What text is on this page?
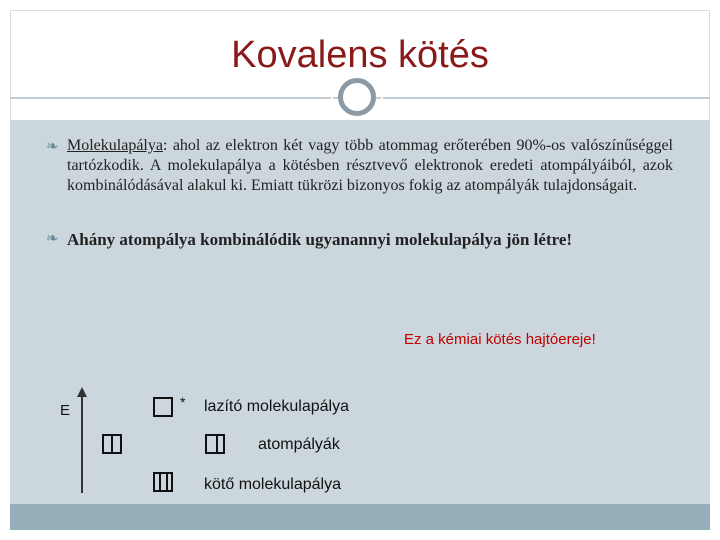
Kovalens kötés
❧ Molekulapálya: ahol az elektron két vagy több atommag erőterében 90%-os valószínűséggel tartózkodik. A molekulapálya a kötésben résztvevő elektronok eredeti atompályáiból, azok kombinálódásával alakul ki. Emiatt tükrözi bizonyos fokig az atompályák tulajdonságait.
❧ Ahány atompálya kombinálódik ugyanannyi molekulapálya jön létre!
Ez a kémiai kötés hajtóereje!
E	* lazító molekulapálya
atompályák
kötő molekulapálya
